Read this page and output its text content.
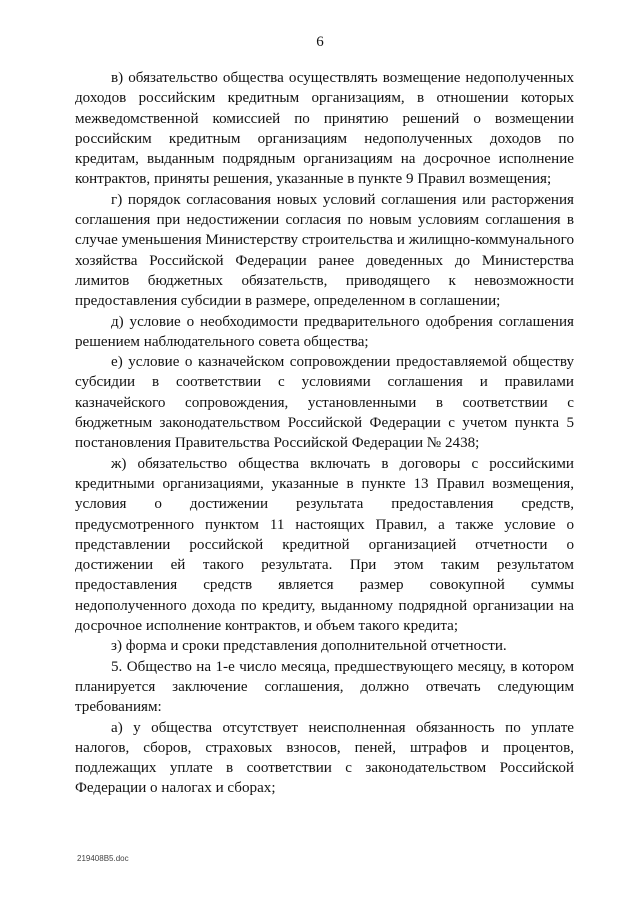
6

в) обязательство общества осуществлять возмещение недополученных доходов российским кредитным организациям, в отношении которых межведомственной комиссией по принятию решений о возмещении российским кредитным организациям недополученных доходов по кредитам, выданным подрядным организациям на досрочное исполнение контрактов, приняты решения, указанные в пункте 9 Правил возмещения;

г) порядок согласования новых условий соглашения или расторжения соглашения при недостижении согласия по новым условиям соглашения в случае уменьшения Министерству строительства и жилищно-коммунального хозяйства Российской Федерации ранее доведенных до Министерства лимитов бюджетных обязательств, приводящего к невозможности предоставления субсидии в размере, определенном в соглашении;

д) условие о необходимости предварительного одобрения соглашения решением наблюдательного совета общества;

е) условие о казначейском сопровождении предоставляемой обществу субсидии в соответствии с условиями соглашения и правилами казначейского сопровождения, установленными в соответствии с бюджетным законодательством Российской Федерации с учетом пункта 5 постановления Правительства Российской Федерации № 2438;

ж) обязательство общества включать в договоры с российскими кредитными организациями, указанные в пункте 13 Правил возмещения, условия о достижении результата предоставления средств, предусмотренного пунктом 11 настоящих Правил, а также условие о представлении российской кредитной организацией отчетности о достижении ей такого результата. При этом таким результатом предоставления средств является размер совокупной суммы недополученного дохода по кредиту, выданному подрядной организации на досрочное исполнение контрактов, и объем такого кредита;

з) форма и сроки представления дополнительной отчетности.

5. Общество на 1-е число месяца, предшествующего месяцу, в котором планируется заключение соглашения, должно отвечать следующим требованиям:

а) у общества отсутствует неисполненная обязанность по уплате налогов, сборов, страховых взносов, пеней, штрафов и процентов, подлежащих уплате в соответствии с законодательством Российской Федерации о налогах и сборах;

219408В5.doc
